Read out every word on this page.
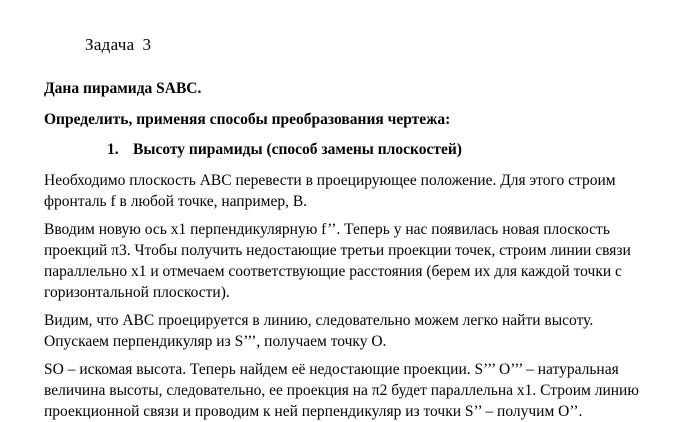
Задача 3
Дана пирамида SABC.
Определить, применяя способы преобразования чертежа:
1. Высоту пирамиды (способ замены плоскостей)
Необходимо плоскость ABC перевести в проецирующее положение. Для этого строим
фронталь f в любой точке, например, B.
Вводим новую ось x1 перпендикулярную f’’. Теперь у нас появилась новая плоскость
проекций π3. Чтобы получить недостающие третьи проекции точек, строим линии связи
параллельно x1 и отмечаем соответствующие расстояния (берем их для каждой точки с
горизонтальной плоскости).
Видим, что ABC проецируется в линию, следовательно можем легко найти высоту.
Опускаем перпендикуляр из S’’’, получаем точку O.
SO – искомая высота. Теперь найдем её недостающие проекции. S’’’ O’’’ – натуральная
величина высоты, следовательно, ее проекция на π2 будет параллельна x1. Строим линию
проекционной связи и проводим к ней перпендикуляр из точки S’’ – получим O’’.
